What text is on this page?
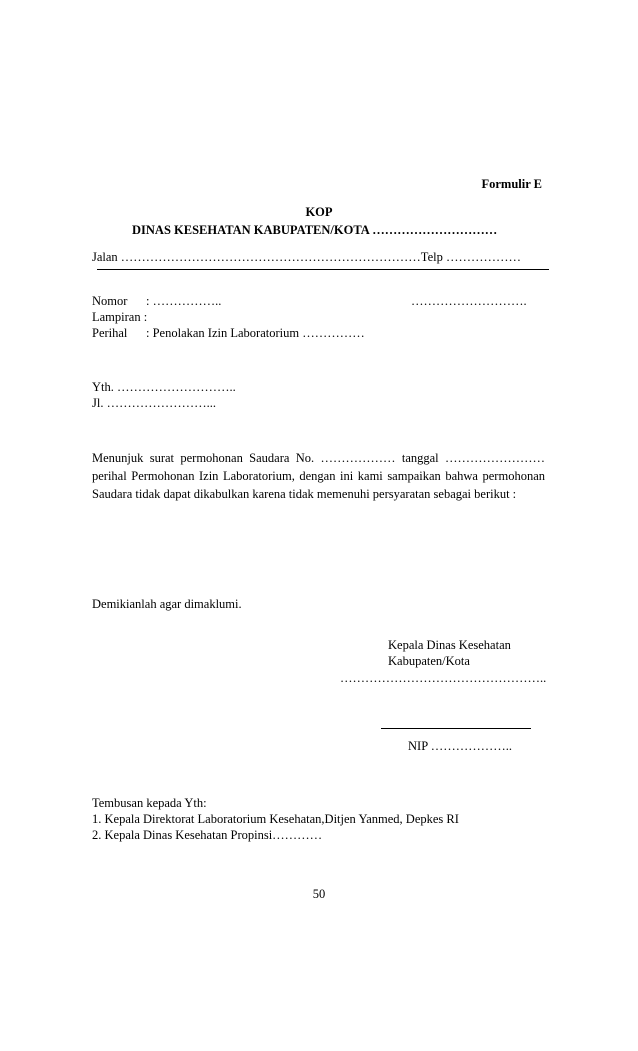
Formulir E
KOP
DINAS KESEHATAN KABUPATEN/KOTA …………………………
Jalan ………………………………………………………………Telp ………………
Nomor : ……………..	……………………….
Lampiran :
Perihal : Penolakan Izin Laboratorium ……………
Yth. ………………………..
Jl. ……………………...
Menunjuk surat permohonan Saudara No. ……………… tanggal ……………………
perihal Permohonan Izin Laboratorium, dengan ini kami sampaikan bahwa permohonan
Saudara tidak dapat dikabulkan karena tidak memenuhi persyaratan sebagai berikut :
Demikianlah agar dimaklumi.
Kepala Dinas Kesehatan
Kabupaten/Kota
…………………………………………..
NIP ………………..
Tembusan kepada Yth:
1. Kepala Direktorat Laboratorium Kesehatan,Ditjen Yanmed, Depkes RI
2. Kepala Dinas Kesehatan Propinsi…………
50
